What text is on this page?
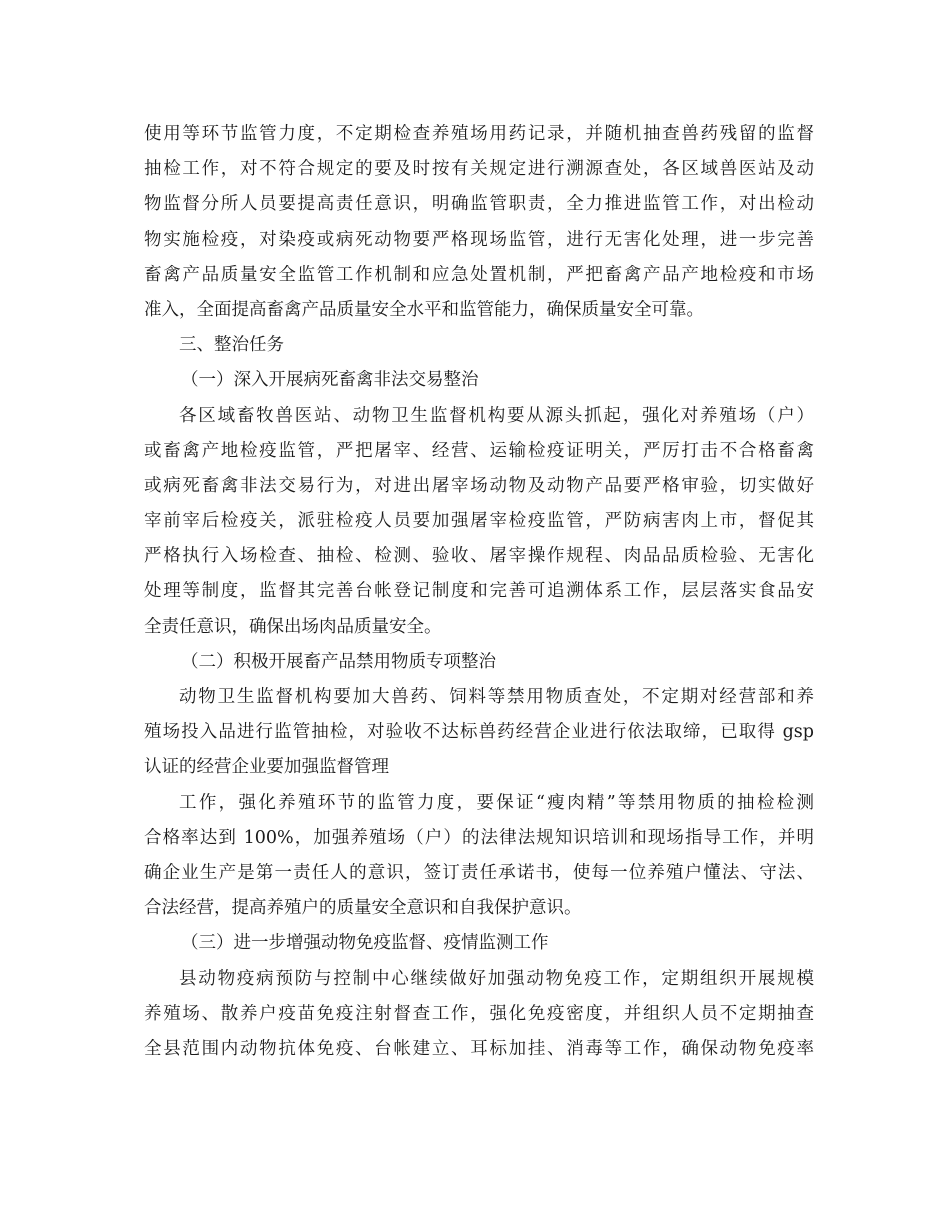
使用等环节监管力度，不定期检查养殖场用药记录，并随机抽查兽药残留的监督
抽检工作，对不符合规定的要及时按有关规定进行溯源查处，各区域兽医站及动
物监督分所人员要提高责任意识，明确监管职责，全力推进监管工作，对出检动
物实施检疫，对染疫或病死动物要严格现场监管，进行无害化处理，进一步完善
畜禽产品质量安全监管工作机制和应急处置机制，严把畜禽产品产地检疫和市场
准入，全面提高畜禽产品质量安全水平和监管能力，确保质量安全可靠。
三、整治任务
（一）深入开展病死畜禽非法交易整治
各区域畜牧兽医站、动物卫生监督机构要从源头抓起，强化对养殖场（户）
或畜禽产地检疫监管，严把屠宰、经营、运输检疫证明关，严厉打击不合格畜禽
或病死畜禽非法交易行为，对进出屠宰场动物及动物产品要严格审验，切实做好
宰前宰后检疫关，派驻检疫人员要加强屠宰检疫监管，严防病害肉上市，督促其
严格执行入场检查、抽检、检测、验收、屠宰操作规程、肉品品质检验、无害化
处理等制度，监督其完善台帐登记制度和完善可追溯体系工作，层层落实食品安
全责任意识，确保出场肉品质量安全。
（二）积极开展畜产品禁用物质专项整治
动物卫生监督机构要加大兽药、饲料等禁用物质查处，不定期对经营部和养
殖场投入品进行监管抽检，对验收不达标兽药经营企业进行依法取缔，已取得 gsp
认证的经营企业要加强监督管理
工作，强化养殖环节的监管力度，要保证“瘦肉精”等禁用物质的抽检检测
合格率达到 100%，加强养殖场（户）的法律法规知识培训和现场指导工作，并明
确企业生产是第一责任人的意识，签订责任承诺书，使每一位养殖户懂法、守法、
合法经营，提高养殖户的质量安全意识和自我保护意识。
（三）进一步增强动物免疫监督、疫情监测工作
县动物疫病预防与控制中心继续做好加强动物免疫工作，定期组织开展规模
养殖场、散养户疫苗免疫注射督查工作，强化免疫密度，并组织人员不定期抽查
全县范围内动物抗体免疫、台帐建立、耳标加挂、消毒等工作，确保动物免疫率
